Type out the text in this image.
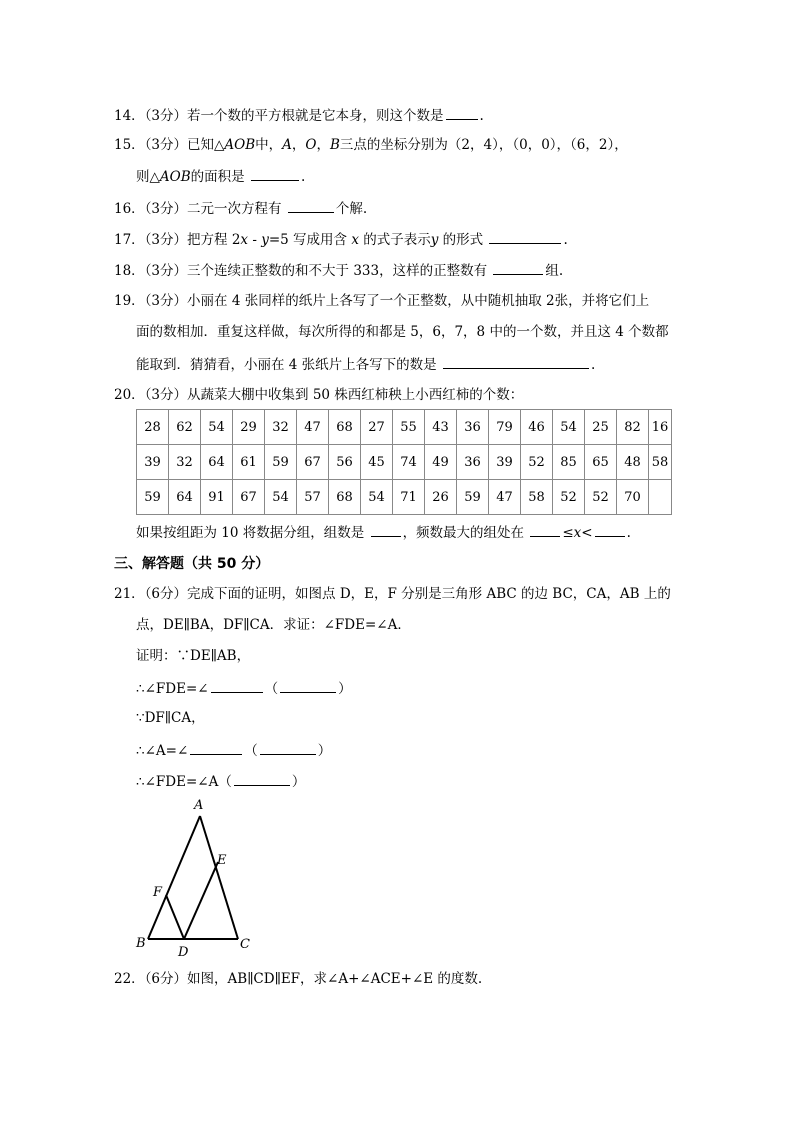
14．（3分）若一个数的平方根就是它本身，则这个数是	.
15．（3分）已知△AOB中，A，O，B三点的坐标分别为（2，4），（0，0），（6，2），
则△AOB的面积是	.
16．（3分）二元一次方程有	个解.
17．（3分）把方程 2x - y=5 写成用含 x 的式子表示y 的形式	.
18．（3分）三个连续正整数的和不大于 333，这样的正整数有	组.
19．（3分）小丽在 4 张同样的纸片上各写了一个正整数，从中随机抽取 2张，并将它们上
面的数相加．重复这样做，每次所得的和都是 5，6，7，8 中的一个数，并且这 4 个数都
能取到．猜猜看，小丽在 4 张纸片上各写下的数是	.
20．（3分）从蔬菜大棚中收集到 50 株西红柿秧上小西红柿的个数：
28	62	54	29	32	47	68	27	55	43	36	79	46	54	25	82	16
39	32	64	61	59	67	56	45	74	49	36	39	52	85	65	48	58
59	64	91	67	54	57	68	54	71	26	59	47	58	52	52	70	
如果按组距为 10 将数据分组，组数是	，频数最大的组处在	≤x<	.
三、解答题（共 50 分）
21．（6分）完成下面的证明，如图点 D，E，F 分别是三角形 ABC 的边 BC，CA，AB 上的
点，DE∥BA，DF∥CA．求证：∠FDE=∠A．
证明：∵DE∥AB，
∴∠FDE=∠	（	）
∵DF∥CA，
∴∠A=∠	（	）
∴∠FDE=∠A（	）
A
B	C
D
E
F
22．（6分）如图，AB∥CD∥EF，求∠A+∠ACE+∠E 的度数.
